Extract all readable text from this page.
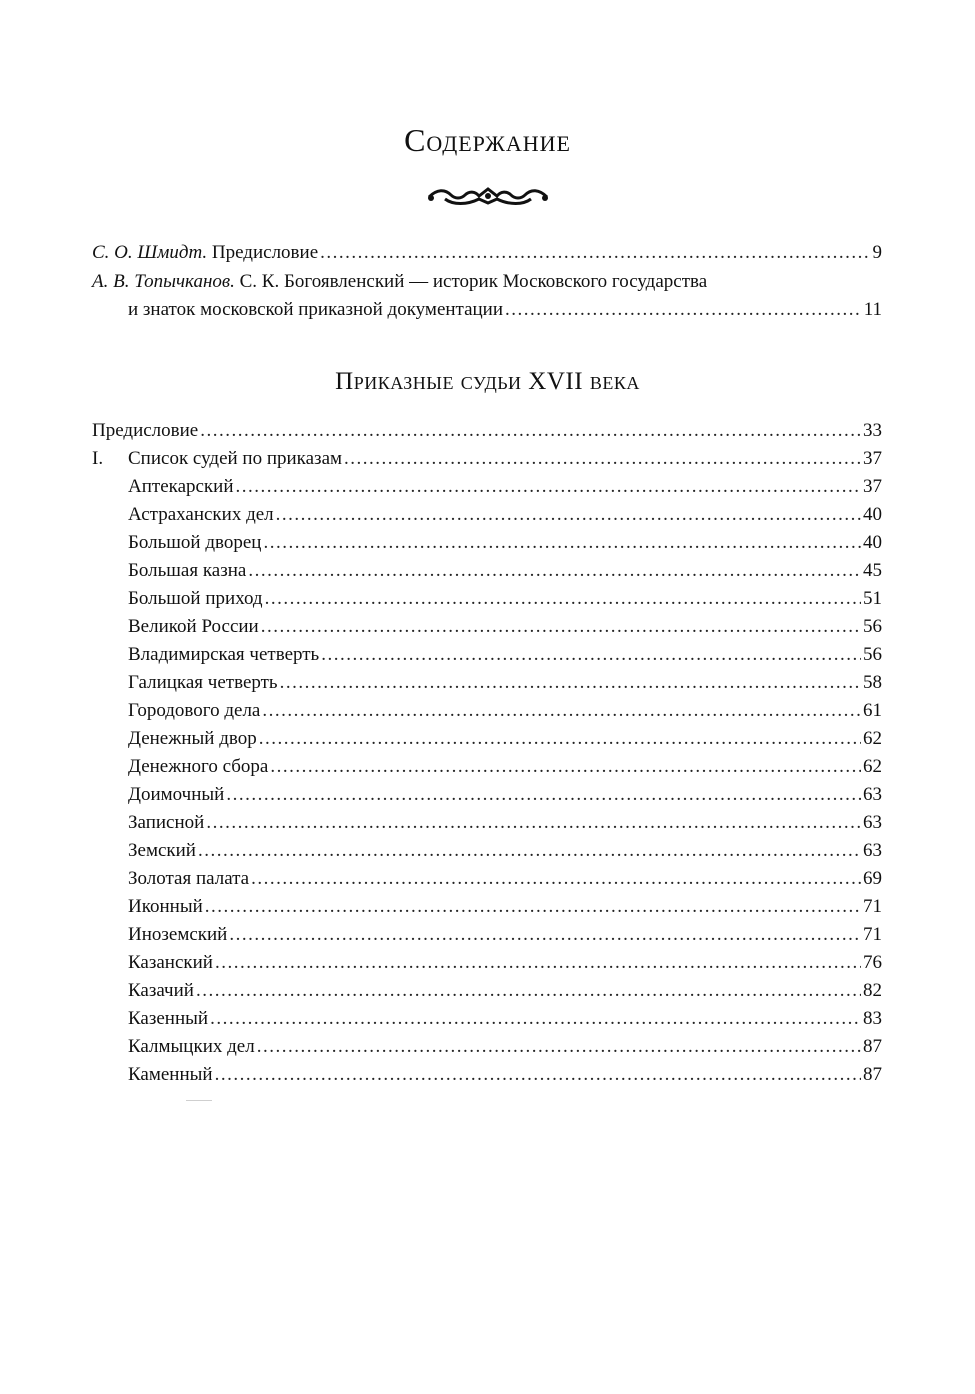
Содержание
С. О. Шмидт. Предисловие .....	9
А. В. Топычканов. С. К. Богоявленский — историк Московского государства
и знаток московской приказной документации .....	11
Приказные судьи XVII века
Предисловие .....	33
I. Список судей по приказам .....	37
Аптекарский .....	37
Астраханских дел .....	40
Большой дворец .....	40
Большая казна .....	45
Большой приход .....	51
Великой России .....	56
Владимирская четверть .....	56
Галицкая четверть .....	58
Городового дела .....	61
Денежный двор .....	62
Денежного сбора .....	62
Доимочный .....	63
Записной .....	63
Земский .....	63
Золотая палата .....	69
Иконный .....	71
Иноземский .....	71
Казанский .....	76
Казачий .....	82
Казенный .....	83
Калмыцких дел .....	87
Каменный .....	87
